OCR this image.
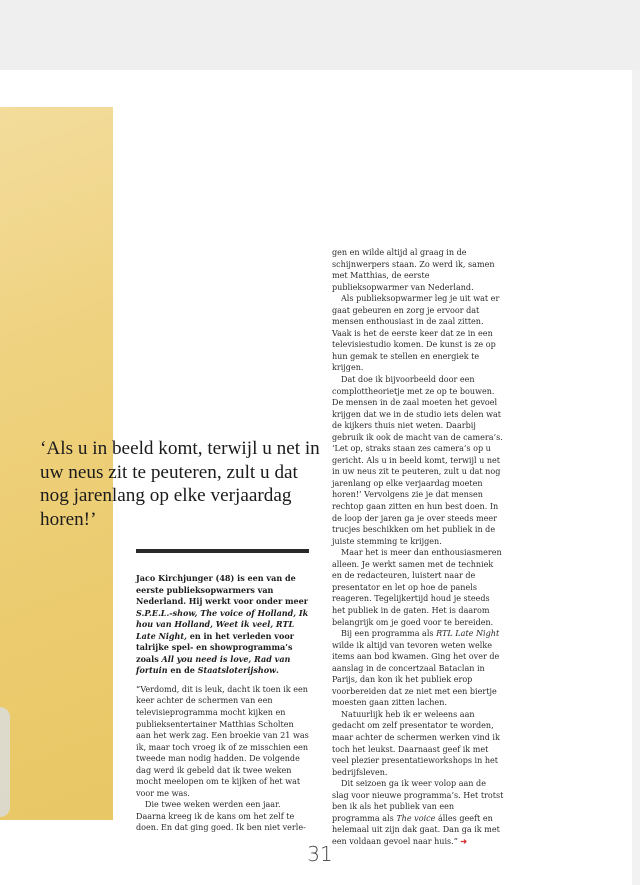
‘Als u in beeld komt, terwijl u net in uw neus zit te peuteren, zult u dat nog jarenlang op elke verjaardag horen!’

Jaco Kirchjunger (48) is een van de eerste publieksopwarmers van Nederland. Hij werkt voor onder meer S.P.E.L.-show, The voice of Holland, Ik hou van Holland, Weet ik veel, RTL Late Night, en in het verleden voor talrijke spel- en showprogramma’s zoals All you need is love, Rad van fortuin en de Staatsloterijshow.

“Verdomd, dit is leuk, dacht ik toen ik een keer achter de schermen van een televisieprogramma mocht kijken en publieksentertainer Matthias Scholten aan het werk zag. Een broekie van 21 was ik, maar toch vroeg ik of ze misschien een tweede man nodig hadden. De volgende dag werd ik gebeld dat ik twee weken mocht meelopen om te kijken of het wat voor me was.

Die twee weken werden een jaar. Daarna kreeg ik de kans om het zelf te doen. En dat ging goed. Ik ben niet verle-

gen en wilde altijd al graag in de schijnwerpers staan. Zo werd ik, samen met Matthias, de eerste publieksopwarmer van Nederland.

Als publieksopwarmer leg je uit wat er gaat gebeuren en zorg je ervoor dat mensen enthousiast in de zaal zitten. Vaak is het de eerste keer dat ze in een televisiestudio komen. De kunst is ze op hun gemak te stellen en energiek te krijgen.

Dat doe ik bijvoorbeeld door een complottheorietje met ze op te bouwen. De mensen in de zaal moeten het gevoel krijgen dat we in de studio iets delen wat de kijkers thuis niet weten. Daarbij gebruik ik ook de macht van de camera’s. ‘Let op, straks staan zes camera’s op u gericht. Als u in beeld komt, terwijl u net in uw neus zit te peuteren, zult u dat nog jarenlang op elke verjaardag moeten horen!’ Vervolgens zie je dat mensen rechtop gaan zitten en hun best doen. In de loop der jaren ga je over steeds meer trucjes beschikken om het publiek in de juiste stemming te krijgen.

Maar het is meer dan enthousiasmeren alleen. Je werkt samen met de techniek en de redacteuren, luistert naar de presentator en let op hoe de panels reageren. Tegelijkertijd houd je steeds het publiek in de gaten. Het is daarom belangrijk om je goed voor te bereiden.

Bij een programma als RTL Late Night wilde ik altijd van tevoren weten welke items aan bod kwamen. Ging het over de aanslag in de concertzaal Bataclan in Parijs, dan kon ik het publiek erop voorbereiden dat ze niet met een biertje moesten gaan zitten lachen.

Natuurlijk heb ik er weleens aan gedacht om zelf presentator te worden, maar achter de schermen werken vind ik toch het leukst. Daarnaast geef ik met veel plezier presentatieworkshops in het bedrijfsleven.

Dit seizoen ga ik weer volop aan de slag voor nieuwe programma’s. Het trotst ben ik als het publiek van een programma als The voice álles geeft en helemaal uit zijn dak gaat. Dan ga ik met een voldaan gevoel naar huis.” ➜

31
